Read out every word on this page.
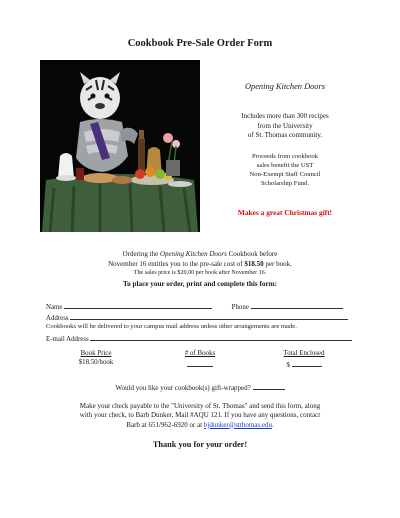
Cookbook Pre-Sale Order Form
Opening Kitchen Doors
Includes more than 300 recipes
from the University
of St. Thomas community.
Proceeds from cookbook
sales benefit the UST
Non-Exempt Staff Council
Scholarship Fund.
Makes a great Christmas gift!
Ordering the Opening Kitchen Doors Cookbook before
November 16 entitles you to the pre-sale cost of $18.50 per book.
The sales price is $20.00 per book after November 16.
To place your order, print and complete this form:
Name	Phone
Address
Cookbooks will be delivered to your campus mail address unless other arrangements are made.
E-mail Address
Book Price
$18.50/book
# of Books	Total Enclosed
$
Would you like your cookbook(s) gift-wrapped?
Make your check payable to the "University of St. Thomas" and send this form, along
with your check, to Barb Dunker, Mail #AQU 121. If you have any questions, contact
Barb at 651/962-6920 or at bjdunker@stthomas.edu.
Thank you for your order!
